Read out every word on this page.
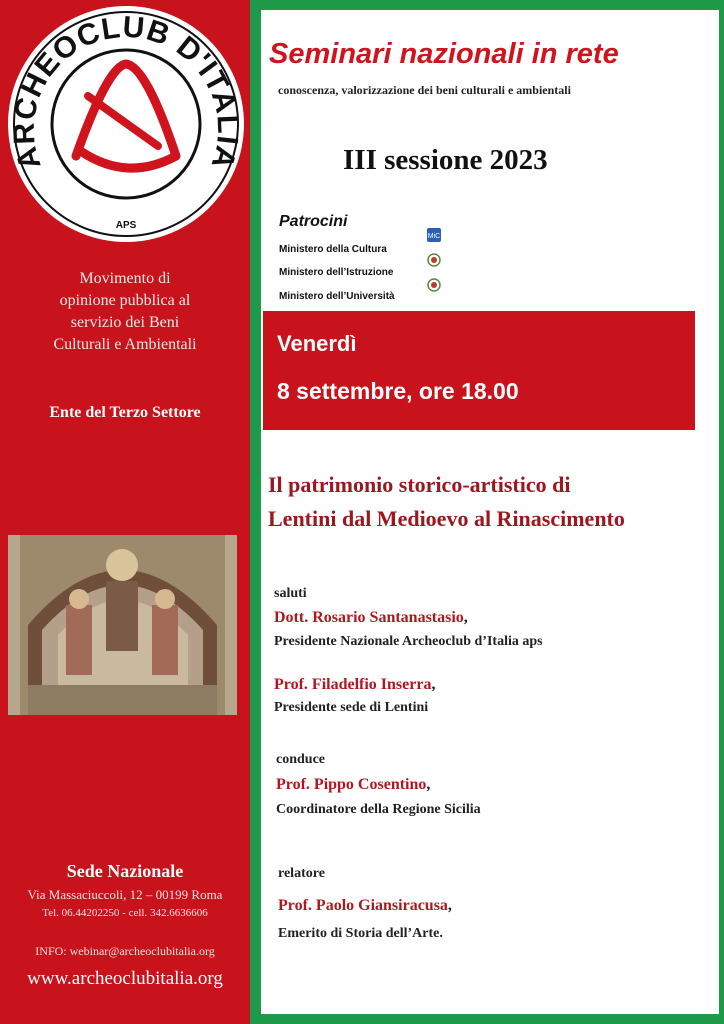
ARCHEOCLUB D'ITALIA
APS
Movimento di
opinione pubblica al
servizio dei Beni
Culturali e Ambientali
Ente del Terzo Settore
Sede Nazionale
Via Massaciuccoli, 12 – 00199 Roma
Tel. 06.44202250 - cell. 342.6636606
INFO: webinar@archeoclubitalia.org
www.archeoclubitalia.org
Seminari nazionali in rete
conoscenza, valorizzazione dei beni culturali e ambientali
III sessione 2023
Patrocini
Ministero della Cultura
MiC
Ministero dell’Istruzione
Ministero dell’Università
Venerdì
8 settembre, ore 18.00
Il patrimonio storico-artistico di
Lentini dal Medioevo al Rinascimento
saluti
Dott. Rosario Santanastasio,
Presidente Nazionale Archeoclub d’Italia aps
Prof. Filadelfio Inserra,
Presidente sede di Lentini
conduce
Prof. Pippo Cosentino,
Coordinatore della Regione Sicilia
relatore
Prof. Paolo Giansiracusa,
Emerito di Storia dell’Arte.
